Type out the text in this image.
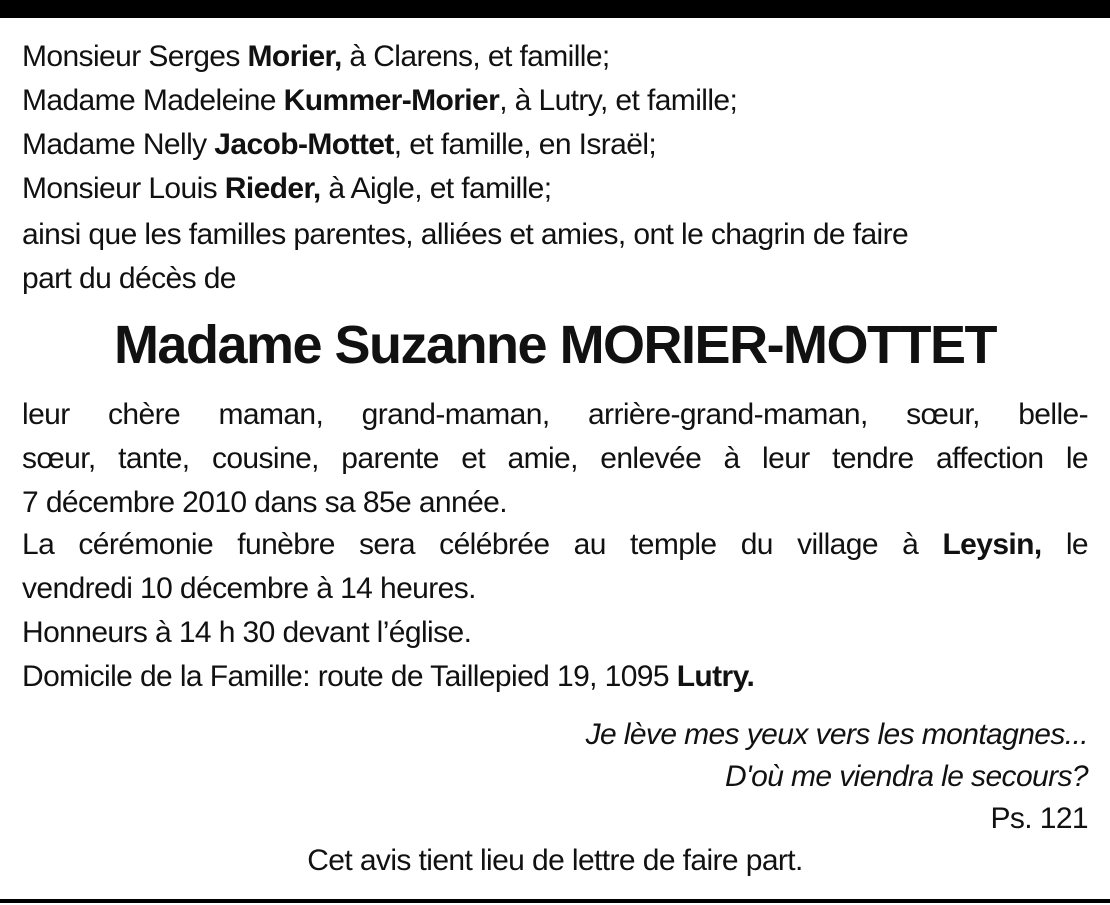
Monsieur Serges Morier, à Clarens, et famille;
Madame Madeleine Kummer-Morier, à Lutry, et famille;
Madame Nelly Jacob-Mottet, et famille, en Israël;
Monsieur Louis Rieder, à Aigle, et famille;
ainsi que les familles parentes, alliées et amies, ont le chagrin de faire
part du décès de
Madame Suzanne MORIER-MOTTET
leur chère maman, grand-maman, arrière-grand-maman, sœur, belle-
sœur, tante, cousine, parente et amie, enlevée à leur tendre affection le
7 décembre 2010 dans sa 85e année.
La cérémonie funèbre sera célébrée au temple du village à Leysin, le
vendredi 10 décembre à 14 heures.
Honneurs à 14 h 30 devant l’église.
Domicile de la Famille: route de Taillepied 19, 1095 Lutry.
Je lève mes yeux vers les montagnes...
D'où me viendra le secours?
Ps. 121
Cet avis tient lieu de lettre de faire part.
